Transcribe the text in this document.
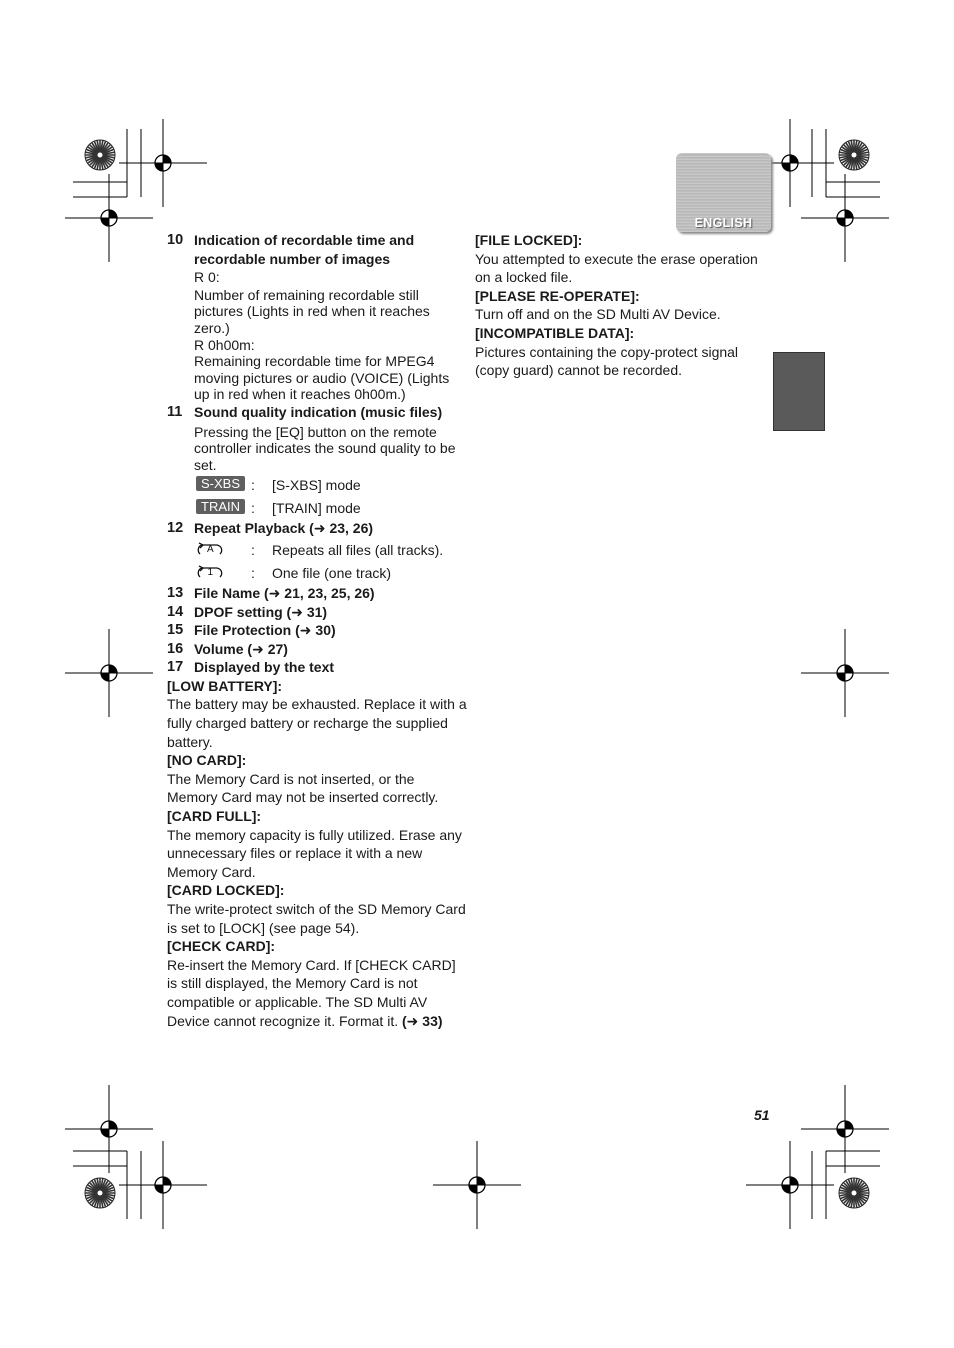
ENGLISH
10 Indication of recordable time and recordable number of images
R 0:
Number of remaining recordable still pictures (Lights in red when it reaches zero.)
R 0h00m:
Remaining recordable time for MPEG4 moving pictures or audio (VOICE) (Lights up in red when it reaches 0h00m.)
11 Sound quality indication (music files)
Pressing the [EQ] button on the remote controller indicates the sound quality to be set.
S-XBS : [S-XBS] mode
TRAIN : [TRAIN] mode
12 Repeat Playback (➜ 23, 26)
A	: Repeats all files (all tracks).
1	: One file (one track)
13 File Name (➜ 21, 23, 25, 26)
14 DPOF setting (➜ 31)
15 File Protection (➜ 30)
16 Volume (➜ 27)
17 Displayed by the text
[LOW BATTERY]:
The battery may be exhausted. Replace it with a fully charged battery or recharge the supplied battery.
[NO CARD]:
The Memory Card is not inserted, or the Memory Card may not be inserted correctly.
[CARD FULL]:
The memory capacity is fully utilized. Erase any unnecessary files or replace it with a new Memory Card.
[CARD LOCKED]:
The write-protect switch of the SD Memory Card is set to [LOCK] (see page 54).
[CHECK CARD]:
Re-insert the Memory Card. If [CHECK CARD] is still displayed, the Memory Card is not compatible or applicable. The SD Multi AV Device cannot recognize it. Format it. (➜ 33)
[FILE LOCKED]:
You attempted to execute the erase operation on a locked file.
[PLEASE RE-OPERATE]:
Turn off and on the SD Multi AV Device.
[INCOMPATIBLE DATA]:
Pictures containing the copy-protect signal (copy guard) cannot be recorded.
51
